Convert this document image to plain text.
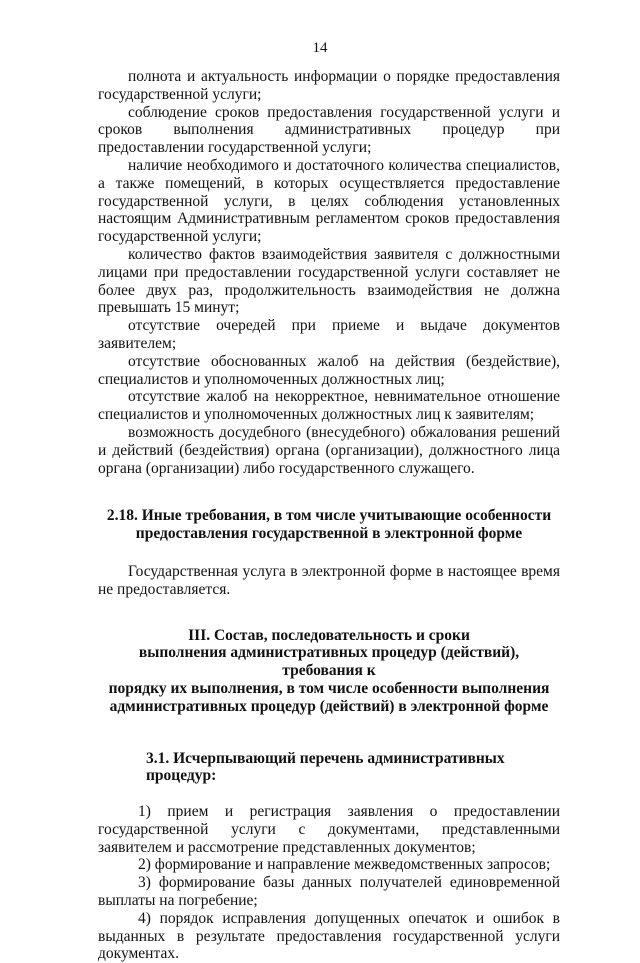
14

полнота и актуальность информации о порядке предоставления государственной услуги;

соблюдение сроков предоставления государственной услуги и сроков выполнения административных процедур при предоставлении государственной услуги;

наличие необходимого и достаточного количества специалистов, а также помещений, в которых осуществляется предоставление государственной услуги, в целях соблюдения установленных настоящим Административным регламентом сроков предоставления государственной услуги;

количество фактов взаимодействия заявителя с должностными лицами при предоставлении государственной услуги составляет не более двух раз, продолжительность взаимодействия не должна превышать 15 минут;

отсутствие очередей при приеме и выдаче документов заявителем;

отсутствие обоснованных жалоб на действия (бездействие), специалистов и уполномоченных должностных лиц;

отсутствие жалоб на некорректное, невнимательное отношение специалистов и уполномоченных должностных лиц к заявителям;

возможность досудебного (внесудебного) обжалования решений и действий (бездействия) органа (организации), должностного лица органа (организации) либо государственного служащего.

2.18. Иные требования, в том числе учитывающие особенности
предоставления государственной в электронной форме

Государственная услуга в электронной форме в настоящее время не предоставляется.

III. Состав, последовательность и сроки
выполнения административных процедур (действий), требования к
порядку их выполнения, в том числе особенности выполнения
административных процедур (действий) в электронной форме
3.1. Исчерпывающий перечень административных процедур:

1) прием и регистрация заявления о предоставлении государственной услуги с документами, представленными заявителем и рассмотрение представленных документов;

2) формирование и направление межведомственных запросов;

3) формирование базы данных получателей единовременной выплаты на погребение;

4) порядок исправления допущенных опечаток и ошибок в выданных в результате предоставления государственной услуги документах.
